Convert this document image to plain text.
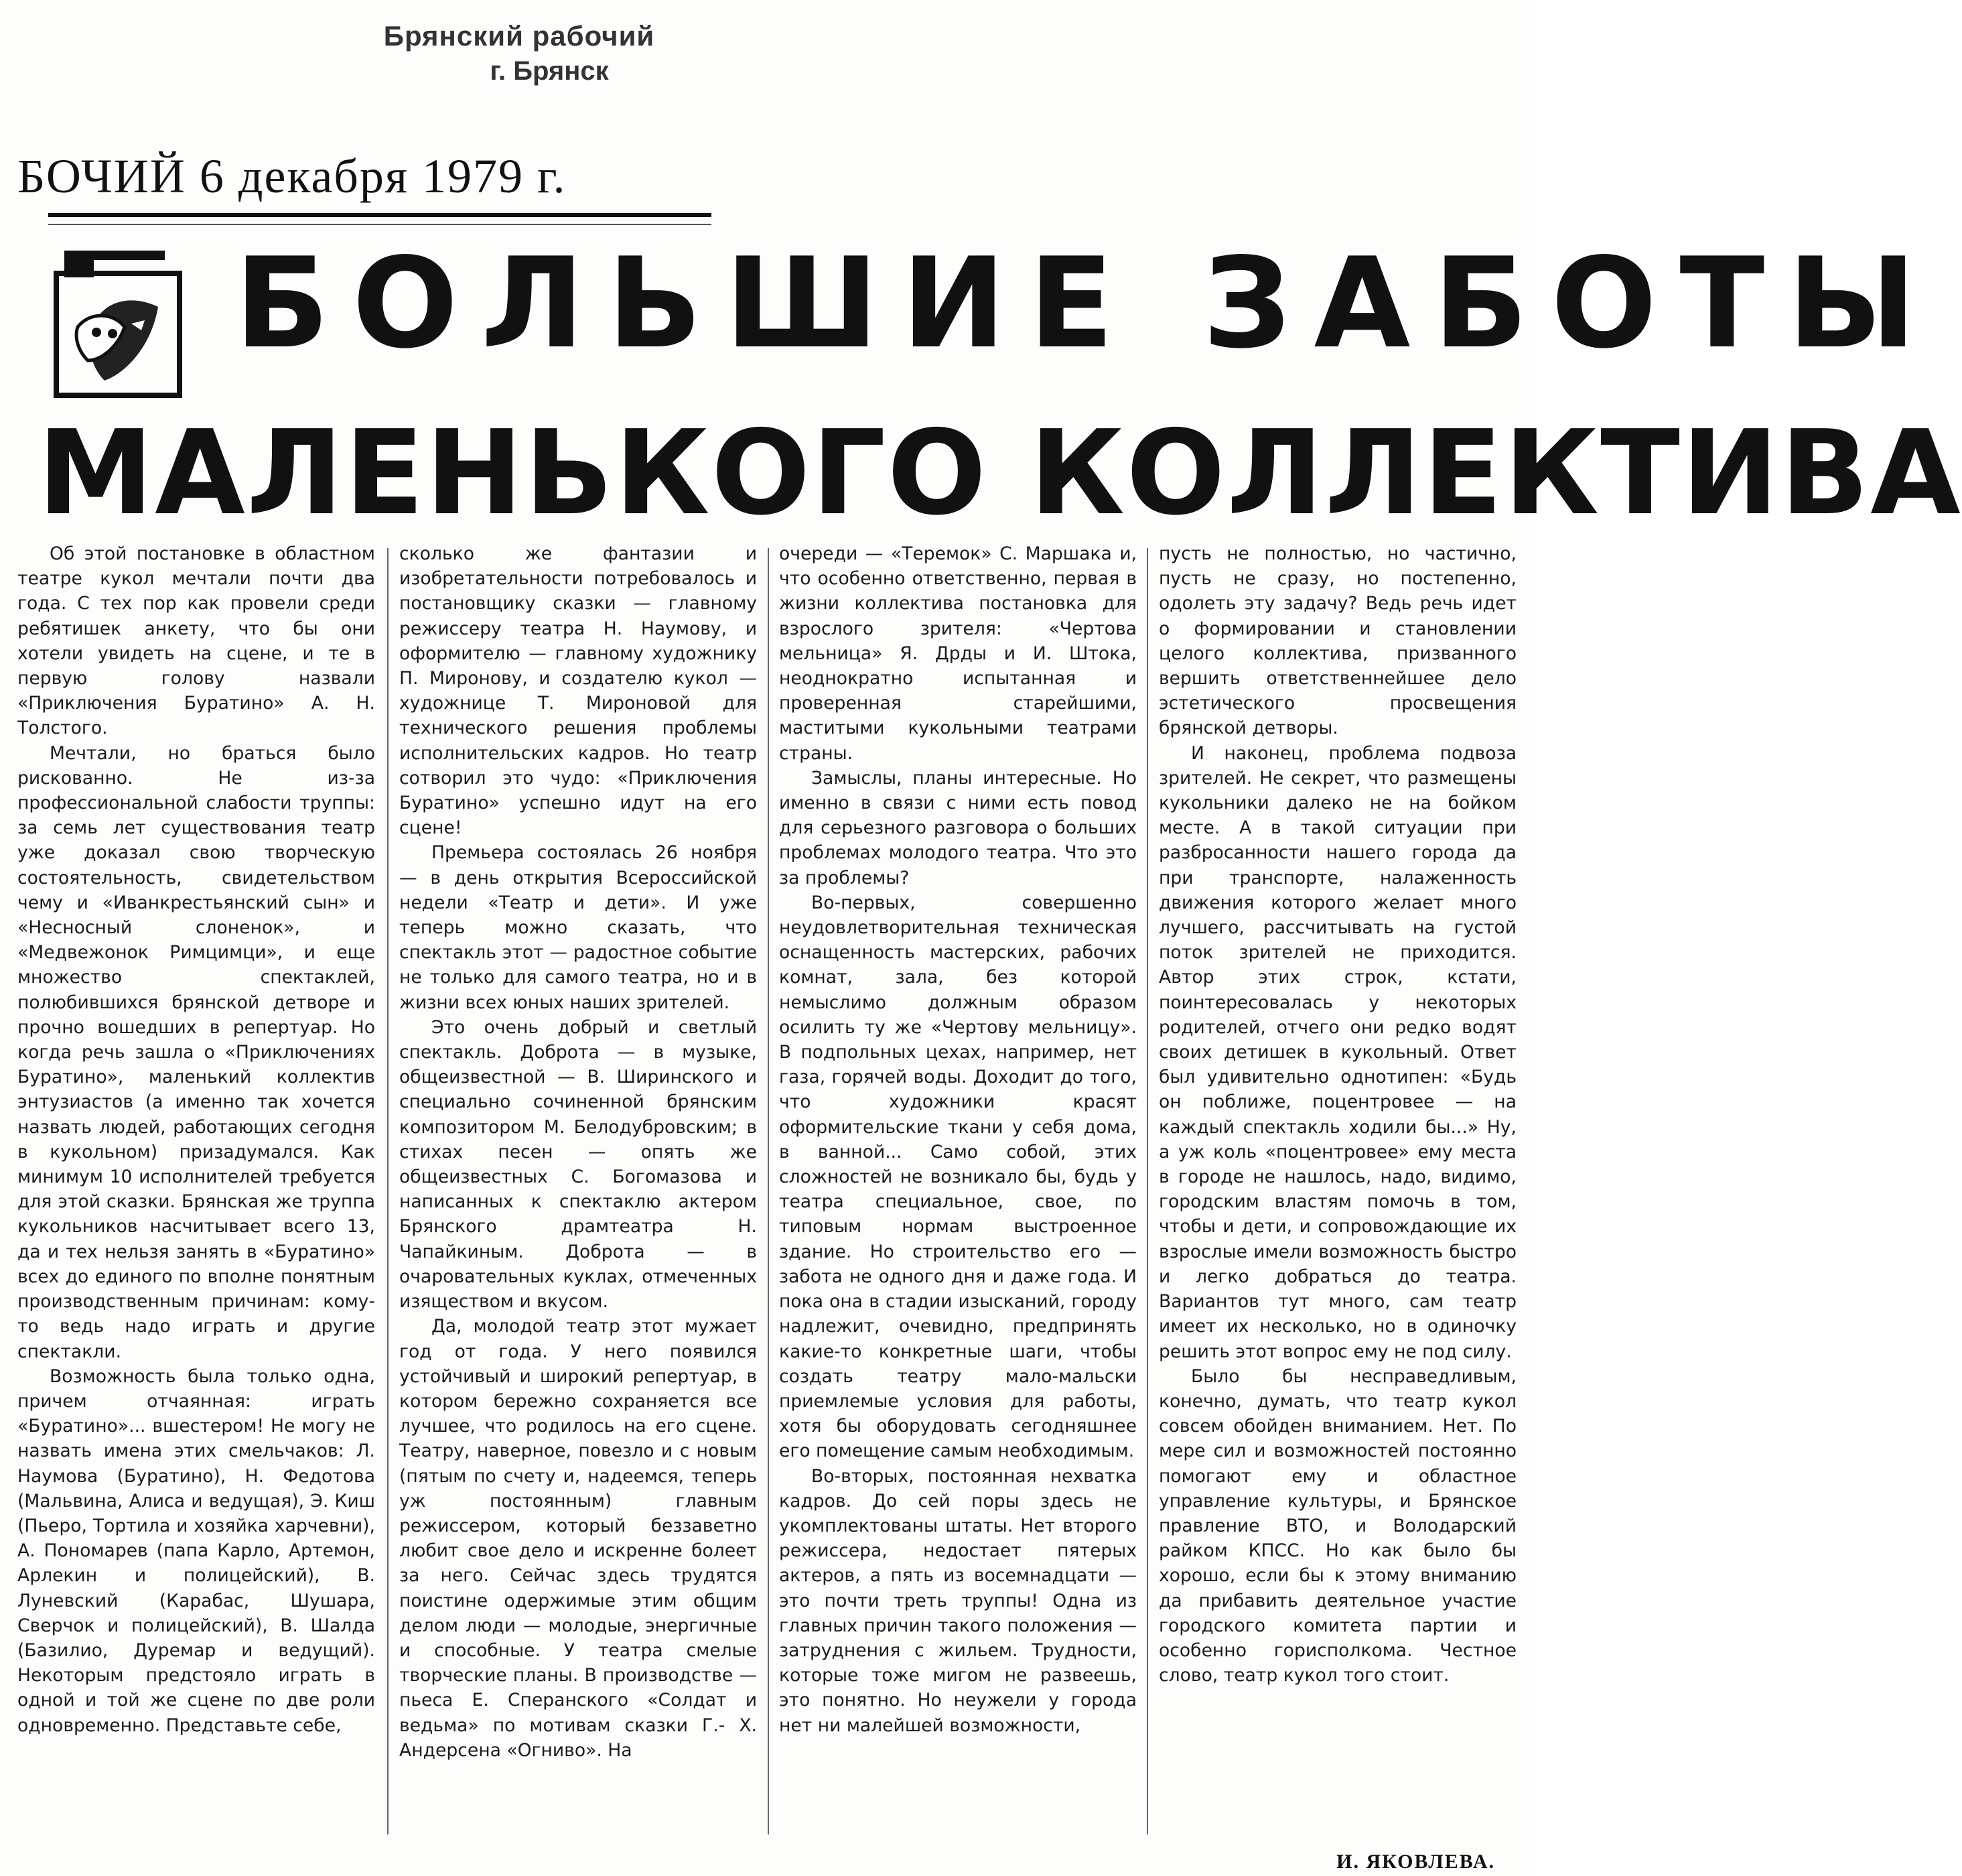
Брянский рабочий
г. Брянск
БОЧИЙ 6 декабря 1979 г.
БОЛЬШИЕ ЗАБОТЫ
МАЛЕНЬКОГО КОЛЛЕКТИВА

Об этой постановке в областном театре кукол мечтали почти два года. С тех пор как провели среди ребятишек анкету, что бы они хотели увидеть на сцене, и те в первую голову назвали «Приключения Буратино» А. Н. Толстого.

Мечтали, но браться было рискованно. Не из-за профессиональной слабости труппы: за семь лет существования театр уже доказал свою творческую состоятельность, свидетельством чему и «Иванкрестьянский сын» и «Несносный слоненок», и «Медвежонок Римцимци», и еще множество спектаклей, полюбившихся брянской детворе и прочно вошедших в репертуар. Но когда речь зашла о «Приключениях Буратино», маленький коллектив энтузиастов (а именно так хочется назвать людей, работающих сегодня в кукольном) призадумался. Как минимум 10 исполнителей требуется для этой сказки. Брянская же труппа кукольников насчитывает всего 13, да и тех нельзя занять в «Буратино» всех до единого по вполне понятным производственным причинам: кому-то ведь надо играть и другие спектакли.

Возможность была только одна, причем отчаянная: играть «Буратино»... вшестером! Не могу не назвать имена этих смельчаков: Л. Наумова (Буратино), Н. Федотова (Мальвина, Алиса и ведущая), Э. Киш (Пьеро, Тортила и хозяйка харчевни), А. Пономарев (папа Карло, Артемон, Арлекин и полицейский), В. Луневский (Карабас, Шушара, Сверчок и полицейский), В. Шалда (Базилио, Дуремар и ведущий). Некоторым предстояло играть в одной и той же сцене по две роли одновременно. Представьте себе,

сколько же фантазии и изобретательности потребовалось и постановщику сказки — главному режиссеру театра Н. Наумову, и оформителю — главному художнику П. Миронову, и создателю кукол — художнице Т. Мироновой для технического решения проблемы исполнительских кадров. Но театр сотворил это чудо: «Приключения Буратино» успешно идут на его сцене!

Премьера состоялась 26 ноября — в день открытия Всероссийской недели «Театр и дети». И уже теперь можно сказать, что спектакль этот — радостное событие не только для самого театра, но и в жизни всех юных наших зрителей.

Это очень добрый и светлый спектакль. Доброта — в музыке, общеизвестной — В. Ширинского и специально сочиненной брянским композитором М. Белодубровским; в стихах песен — опять же общеизвестных С. Богомазова и написанных к спектаклю актером Брянского драмтеатра Н. Чапайкиным. Доброта — в очаровательных куклах, отмеченных изяществом и вкусом.

Да, молодой театр этот мужает год от года. У него появился устойчивый и широкий репертуар, в котором бережно сохраняется все лучшее, что родилось на его сцене. Театру, наверное, повезло и с новым (пятым по счету и, надеемся, теперь уж постоянным) главным режиссером, который беззаветно любит свое дело и искренне болеет за него. Сейчас здесь трудятся поистине одержимые этим общим делом люди — молодые, энергичные и способные. У театра смелые творческие планы. В производстве — пьеса Е. Сперанского «Солдат и ведьма» по мотивам сказки Г.- Х. Андерсена «Огниво». На

очереди — «Теремок» С. Маршака и, что особенно ответственно, первая в жизни коллектива постановка для взрослого зрителя: «Чертова мельница» Я. Дрды и И. Штока, неоднократно испытанная и проверенная старейшими, маститыми кукольными театрами страны.

Замыслы, планы интересные. Но именно в связи с ними есть повод для серьезного разговора о больших проблемах молодого театра. Что это за проблемы?

Во-первых, совершенно неудовлетворительная техническая оснащенность мастерских, рабочих комнат, зала, без которой немыслимо должным образом осилить ту же «Чертову мельницу». В подпольных цехах, например, нет газа, горячей воды. Доходит до того, что художники красят оформительские ткани у себя дома, в ванной... Само собой, этих сложностей не возникало бы, будь у театра специальное, свое, по типовым нормам выстроенное здание. Но строительство его — забота не одного дня и даже года. И пока она в стадии изысканий, городу надлежит, очевидно, предпринять какие-то конкретные шаги, чтобы создать театру мало-мальски приемлемые условия для работы, хотя бы оборудовать сегодняшнее его помещение самым необходимым.

Во-вторых, постоянная нехватка кадров. До сей поры здесь не укомплектованы штаты. Нет второго режиссера, недостает пятерых актеров, а пять из восемнадцати — это почти треть труппы! Одна из главных причин такого положения — затруднения с жильем. Трудности, которые тоже мигом не развеешь, это понятно. Но неужели у города нет ни малейшей возможности,

пусть не полностью, но частично, пусть не сразу, но постепенно, одолеть эту задачу? Ведь речь идет о формировании и становлении целого коллектива, призванного вершить ответственнейшее дело эстетического просвещения брянской детворы.

И наконец, проблема подвоза зрителей. Не секрет, что размещены кукольники далеко не на бойком месте. А в такой ситуации при разбросанности нашего города да при транспорте, налаженность движения которого желает много лучшего, рассчитывать на густой поток зрителей не приходится. Автор этих строк, кстати, поинтересовалась у некоторых родителей, отчего они редко водят своих детишек в кукольный. Ответ был удивительно однотипен: «Будь он поближе, поцентровее — на каждый спектакль ходили бы...» Ну, а уж коль «поцентровее» ему места в городе не нашлось, надо, видимо, городским властям помочь в том, чтобы и дети, и сопровождающие их взрослые имели возможность быстро и легко добраться до театра. Вариантов тут много, сам театр имеет их несколько, но в одиночку решить этот вопрос ему не под силу.

Было бы несправедливым, конечно, думать, что театр кукол совсем обойден вниманием. Нет. По мере сил и возможностей постоянно помогают ему и областное управление культуры, и Брянское правление ВТО, и Володарский райком КПСС. Но как было бы хорошо, если бы к этому вниманию да прибавить деятельное участие городского комитета партии и особенно горисполкома. Честное слово, театр кукол того стоит.

И. ЯКОВЛЕВА.
